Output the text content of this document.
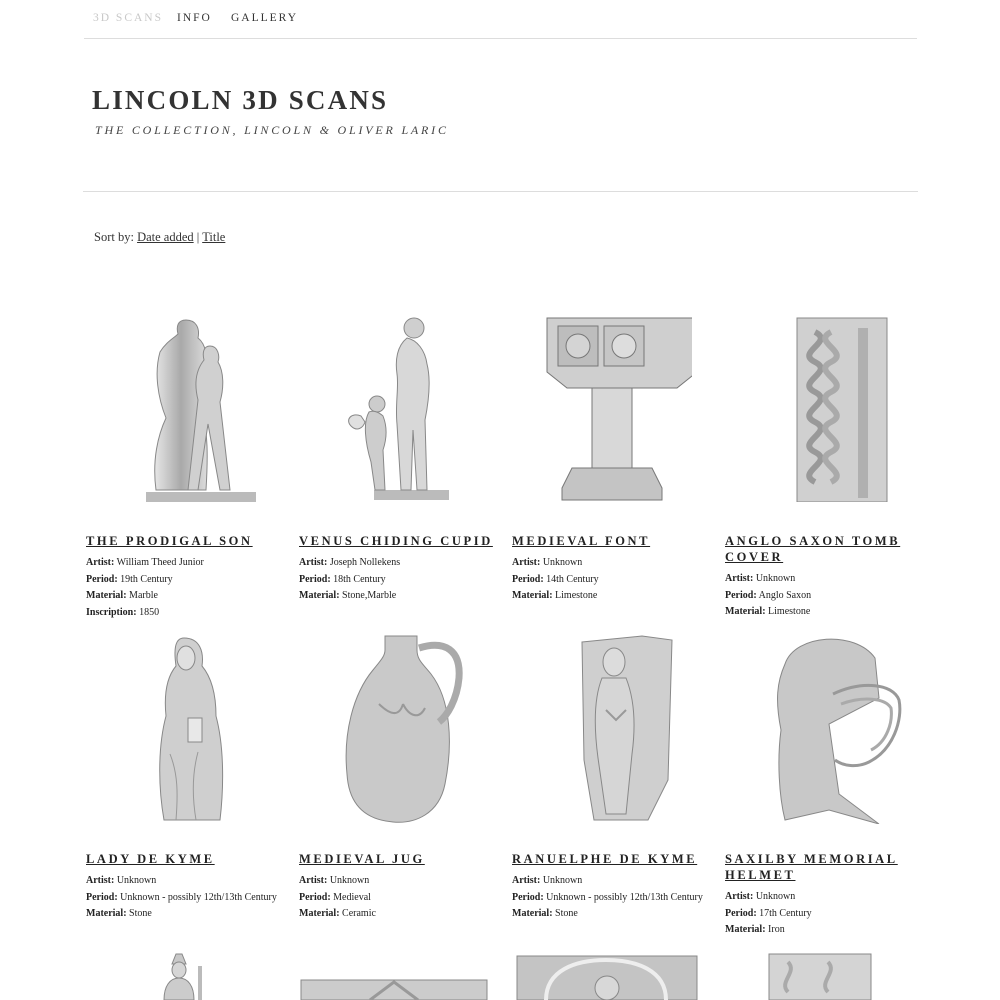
3D SCANS INFO GALLERY
LINCOLN 3D SCANS
THE COLLECTION, LINCOLN & OLIVER LARIC
Sort by: Date added | Title
THE PRODIGAL SON
Artist: William Theed Junior
Period: 19th Century
Material: Marble
Inscription: 1850
VENUS CHIDING CUPID
Artist: Joseph Nollekens
Period: 18th Century
Material: Stone,Marble
MEDIEVAL FONT
Artist: Unknown
Period: 14th Century
Material: Limestone
ANGLO SAXON TOMB COVER
Artist: Unknown
Period: Anglo Saxon
Material: Limestone
LADY DE KYME
Artist: Unknown
Period: Unknown - possibly 12th/13th Century
Material: Stone
MEDIEVAL JUG
Artist: Unknown
Period: Medieval
Material: Ceramic
RANUELPHE DE KYME
Artist: Unknown
Period: Unknown - possibly 12th/13th Century
Material: Stone
SAXILBY MEMORIAL HELMET
Artist: Unknown
Period: 17th Century
Material: Iron
